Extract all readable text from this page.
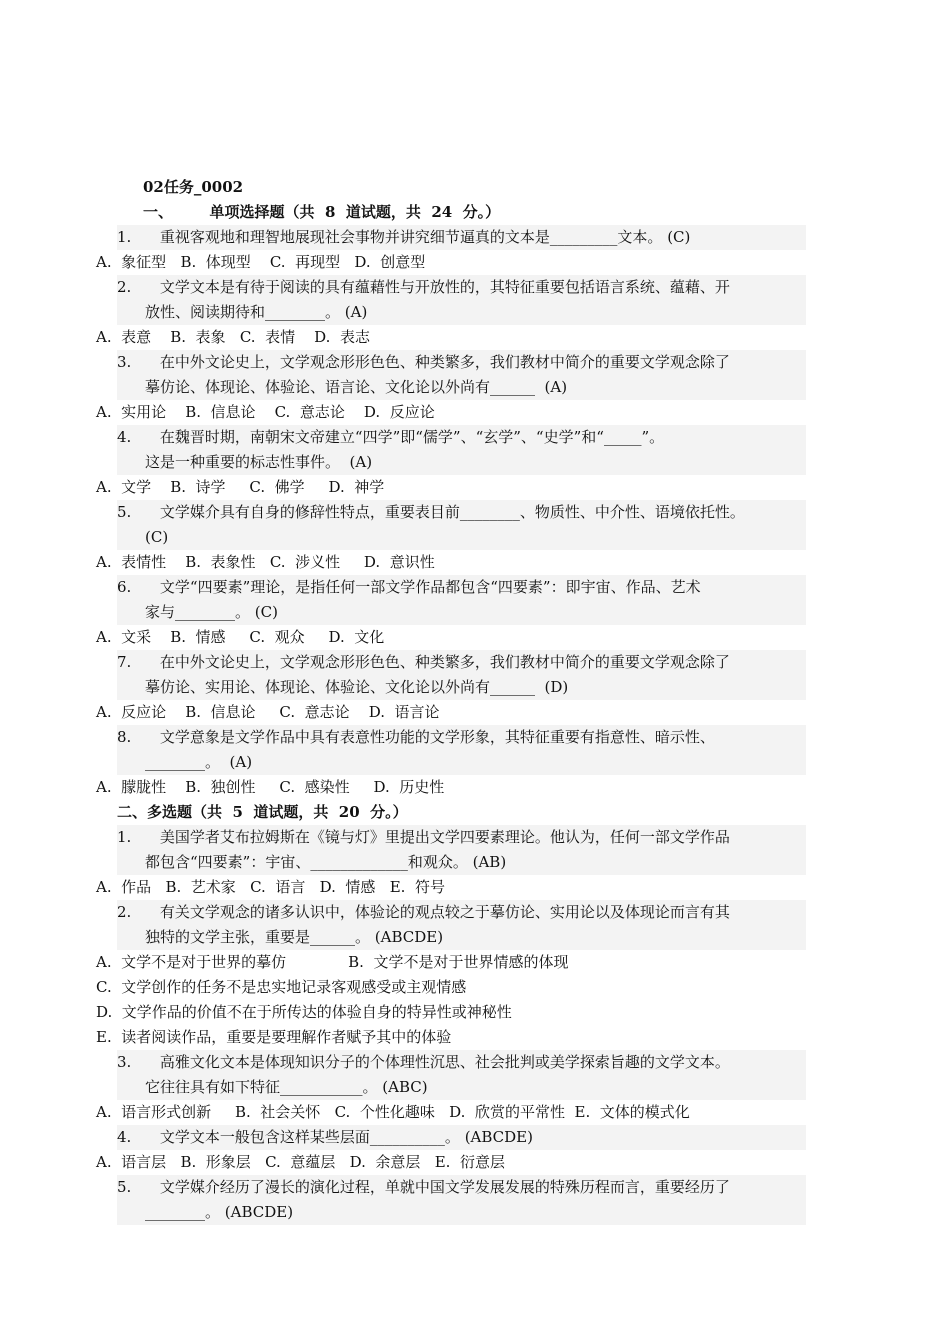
02任务_0002
一、       单项选择题（共  8  道试题，共  24  分。）
1.      重视客观地和理智地展现社会事物并讲究细节逼真的文本是_________文本。 (C)
A.  象征型   B.  体现型    C.  再现型   D.  创意型
2.      文学文本是有待于阅读的具有蕴藉性与开放性的，其特征重要包括语言系统、蕴藉、开
放性、阅读期待和________。 (A)
A.  表意    B.  表象   C.  表情    D.  表志
3.      在中外文论史上，文学观念形形色色、种类繁多，我们教材中简介的重要文学观念除了
摹仿论、体现论、体验论、语言论、文化论以外尚有______  (A)
A.  实用论    B.  信息论    C.  意志论    D.  反应论
4.      在魏晋时期，南朝宋文帝建立“四学”即“儒学”、“玄学”、“史学”和“_____”。
这是一种重要的标志性事件。  (A)
A.  文学    B.  诗学     C.  佛学     D.  神学
5.      文学媒介具有自身的修辞性特点，重要表目前________、物质性、中介性、语境依托性。
(C)
A.  表情性    B.  表象性   C.  涉义性     D.  意识性
6.      文学“四要素”理论，是指任何一部文学作品都包含“四要素”：即宇宙、作品、艺术
家与________。 (C)
A.  文采    B.  情感     C.  观众     D.  文化
7.      在中外文论史上，文学观念形形色色、种类繁多，我们教材中简介的重要文学观念除了
摹仿论、实用论、体现论、体验论、文化论以外尚有______  (D)
A.  反应论    B.  信息论     C.  意志论    D.  语言论
8.      文学意象是文学作品中具有表意性功能的文学形象，其特征重要有指意性、暗示性、
________。  (A)
A.  朦胧性    B.  独创性     C.  感染性     D.  历史性
二、多选题（共  5  道试题，共  20  分。）
1.      美国学者艾布拉姆斯在《镜与灯》里提出文学四要素理论。他认为，任何一部文学作品
都包含“四要素”：宇宙、_____________和观众。 (AB)
A.  作品   B.  艺术家   C.  语言   D.  情感   E.  符号
2.      有关文学观念的诸多认识中，体验论的观点较之于摹仿论、实用论以及体现论而言有其
独特的文学主张，重要是______。 (ABCDE)
A.  文学不是对于世界的摹仿             B.  文学不是对于世界情感的体现
C.  文学创作的任务不是忠实地记录客观感受或主观情感
D.  文学作品的价值不在于所传达的体验自身的特异性或神秘性
E.  读者阅读作品，重要是要理解作者赋予其中的体验
3.      高雅文化文本是体现知识分子的个体理性沉思、社会批判或美学探索旨趣的文学文本。
它往往具有如下特征___________。 (ABC)
A.  语言形式创新     B.  社会关怀   C.  个性化趣味   D.  欣赏的平常性  E.  文体的模式化
4.      文学文本一般包含这样某些层面__________。 (ABCDE)
A.  语言层   B.  形象层   C.  意蕴层   D.  余意层   E.  衍意层
5.      文学媒介经历了漫长的演化过程，单就中国文学发展发展的特殊历程而言，重要经历了
________。 (ABCDE)
